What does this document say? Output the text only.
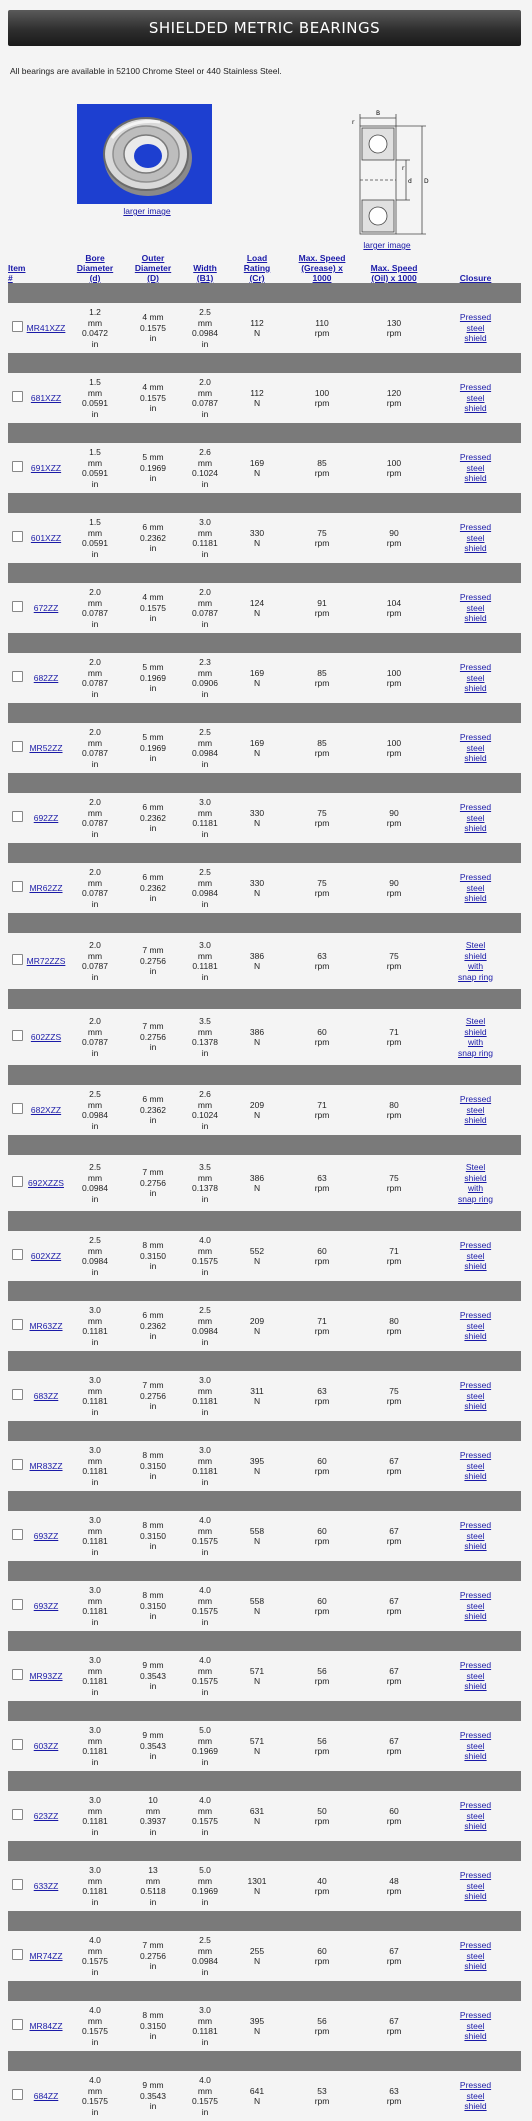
SHIELDED METRIC BEARINGS
All bearings are available in 52100 Chrome Steel or 440 Stainless Steel.
larger image
B
r
r
d D
larger image
Item
#		Bore
Diameter
(d)	Outer
Diameter
(D)	Width
(B1)	Load
Rating
(Cr)	Max. Speed
(Grease) x
1000	Max. Speed
(Oil) x 1000	Closure

	MR41XZZ	1.2
mm
0.0472
in	4 mm
0.1575
in	2.5
mm
0.0984
in	112
N	110
rpm	130
rpm	Pressed
steel
shield

	681XZZ	1.5
mm
0.0591
in	4 mm
0.1575
in	2.0
mm
0.0787
in	112
N	100
rpm	120
rpm	Pressed
steel
shield

	691XZZ	1.5
mm
0.0591
in	5 mm
0.1969
in	2.6
mm
0.1024
in	169
N	85
rpm	100
rpm	Pressed
steel
shield

	601XZZ	1.5
mm
0.0591
in	6 mm
0.2362
in	3.0
mm
0.1181
in	330
N	75
rpm	90
rpm	Pressed
steel
shield

	672ZZ	2.0
mm
0.0787
in	4 mm
0.1575
in	2.0
mm
0.0787
in	124
N	91
rpm	104
rpm	Pressed
steel
shield

	682ZZ	2.0
mm
0.0787
in	5 mm
0.1969
in	2.3
mm
0.0906
in	169
N	85
rpm	100
rpm	Pressed
steel
shield

	MR52ZZ	2.0
mm
0.0787
in	5 mm
0.1969
in	2.5
mm
0.0984
in	169
N	85
rpm	100
rpm	Pressed
steel
shield

	692ZZ	2.0
mm
0.0787
in	6 mm
0.2362
in	3.0
mm
0.1181
in	330
N	75
rpm	90
rpm	Pressed
steel
shield

	MR62ZZ	2.0
mm
0.0787
in	6 mm
0.2362
in	2.5
mm
0.0984
in	330
N	75
rpm	90
rpm	Pressed
steel
shield

	MR72ZZS	2.0
mm
0.0787
in	7 mm
0.2756
in	3.0
mm
0.1181
in	386
N	63
rpm	75
rpm	Steel
shield
with
snap ring

	602ZZS	2.0
mm
0.0787
in	7 mm
0.2756
in	3.5
mm
0.1378
in	386
N	60
rpm	71
rpm	Steel
shield
with
snap ring

	682XZZ	2.5
mm
0.0984
in	6 mm
0.2362
in	2.6
mm
0.1024
in	209
N	71
rpm	80
rpm	Pressed
steel
shield

	692XZZS	2.5
mm
0.0984
in	7 mm
0.2756
in	3.5
mm
0.1378
in	386
N	63
rpm	75
rpm	Steel
shield
with
snap ring

	602XZZ	2.5
mm
0.0984
in	8 mm
0.3150
in	4.0
mm
0.1575
in	552
N	60
rpm	71
rpm	Pressed
steel
shield

	MR63ZZ	3.0
mm
0.1181
in	6 mm
0.2362
in	2.5
mm
0.0984
in	209
N	71
rpm	80
rpm	Pressed
steel
shield

	683ZZ	3.0
mm
0.1181
in	7 mm
0.2756
in	3.0
mm
0.1181
in	311
N	63
rpm	75
rpm	Pressed
steel
shield

	MR83ZZ	3.0
mm
0.1181
in	8 mm
0.3150
in	3.0
mm
0.1181
in	395
N	60
rpm	67
rpm	Pressed
steel
shield

	693ZZ	3.0
mm
0.1181
in	8 mm
0.3150
in	4.0
mm
0.1575
in	558
N	60
rpm	67
rpm	Pressed
steel
shield

	693ZZ	3.0
mm
0.1181
in	8 mm
0.3150
in	4.0
mm
0.1575
in	558
N	60
rpm	67
rpm	Pressed
steel
shield

	MR93ZZ	3.0
mm
0.1181
in	9 mm
0.3543
in	4.0
mm
0.1575
in	571
N	56
rpm	67
rpm	Pressed
steel
shield

	603ZZ	3.0
mm
0.1181
in	9 mm
0.3543
in	5.0
mm
0.1969
in	571
N	56
rpm	67
rpm	Pressed
steel
shield

	623ZZ	3.0
mm
0.1181
in	10
mm
0.3937
in	4.0
mm
0.1575
in	631
N	50
rpm	60
rpm	Pressed
steel
shield

	633ZZ	3.0
mm
0.1181
in	13
mm
0.5118
in	5.0
mm
0.1969
in	1301
N	40
rpm	48
rpm	Pressed
steel
shield

	MR74ZZ	4.0
mm
0.1575
in	7 mm
0.2756
in	2.5
mm
0.0984
in	255
N	60
rpm	67
rpm	Pressed
steel
shield

	MR84ZZ	4.0
mm
0.1575
in	8 mm
0.3150
in	3.0
mm
0.1181
in	395
N	56
rpm	67
rpm	Pressed
steel
shield

	684ZZ	4.0
mm
0.1575
in	9 mm
0.3543
in	4.0
mm
0.1575
in	641
N	53
rpm	63
rpm	Pressed
steel
shield
